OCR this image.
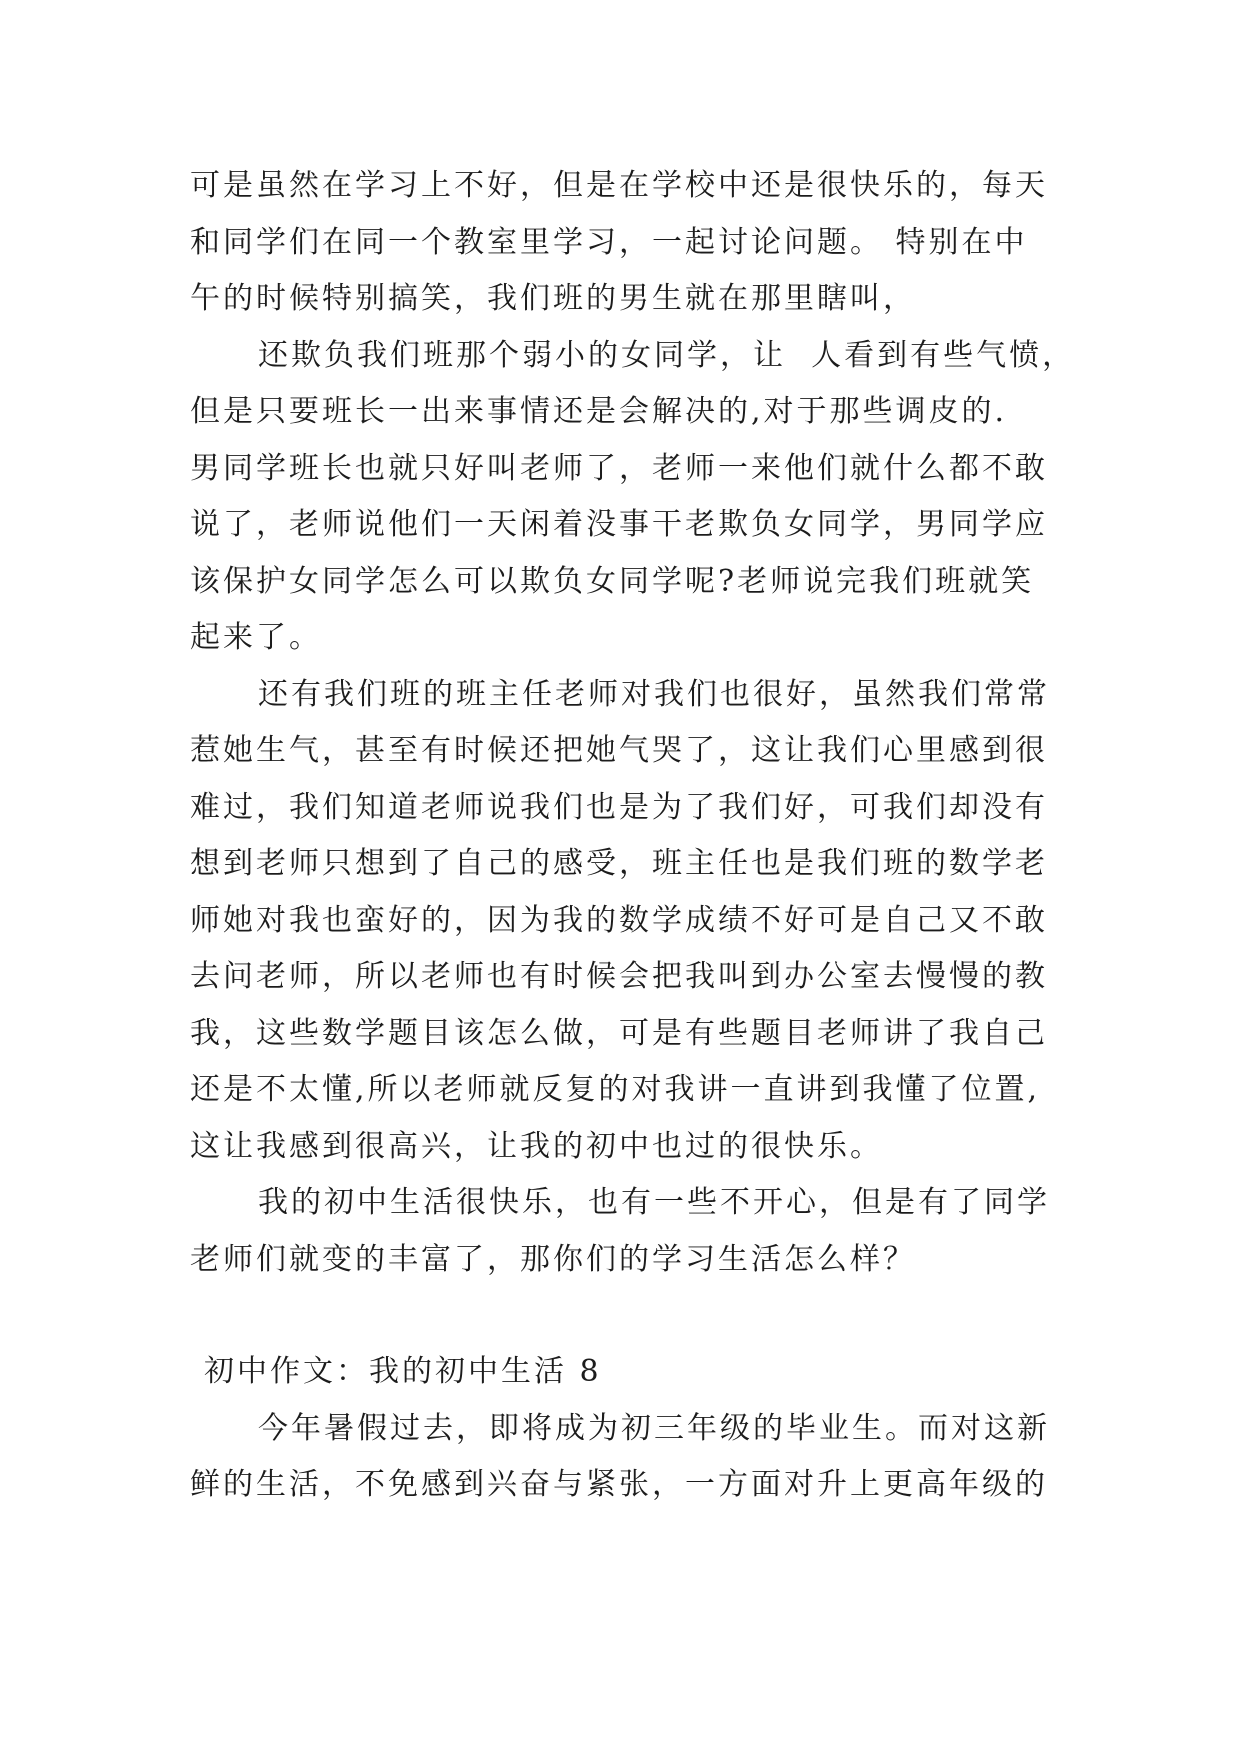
可是虽然在学习上不好，但是在学校中还是很快乐的，每天
和同学们在同一个教室里学习，一起讨论问题。 特别在中
午的时候特别搞笑，我们班的男生就在那里瞎叫，

还欺负我们班那个弱小的女同学，让  人看到有些气愤，
但是只要班长一出来事情还是会解决的,对于那些调皮的.
男同学班长也就只好叫老师了，老师一来他们就什么都不敢
说了，老师说他们一天闲着没事干老欺负女同学，男同学应
该保护女同学怎么可以欺负女同学呢?老师说完我们班就笑
起来了。

还有我们班的班主任老师对我们也很好，虽然我们常常
惹她生气，甚至有时候还把她气哭了，这让我们心里感到很
难过，我们知道老师说我们也是为了我们好，可我们却没有
想到老师只想到了自己的感受，班主任也是我们班的数学老
师她对我也蛮好的，因为我的数学成绩不好可是自己又不敢
去问老师，所以老师也有时候会把我叫到办公室去慢慢的教
我，这些数学题目该怎么做，可是有些题目老师讲了我自己
还是不太懂,所以老师就反复的对我讲一直讲到我懂了位置,
这让我感到很高兴，让我的初中也过的很快乐。

我的初中生活很快乐，也有一些不开心，但是有了同学
老师们就变的丰富了，那你们的学习生活怎么样？

初中作文：我的初中生活 8

今年暑假过去，即将成为初三年级的毕业生。而对这新
鲜的生活，不免感到兴奋与紧张，一方面对升上更高年级的
